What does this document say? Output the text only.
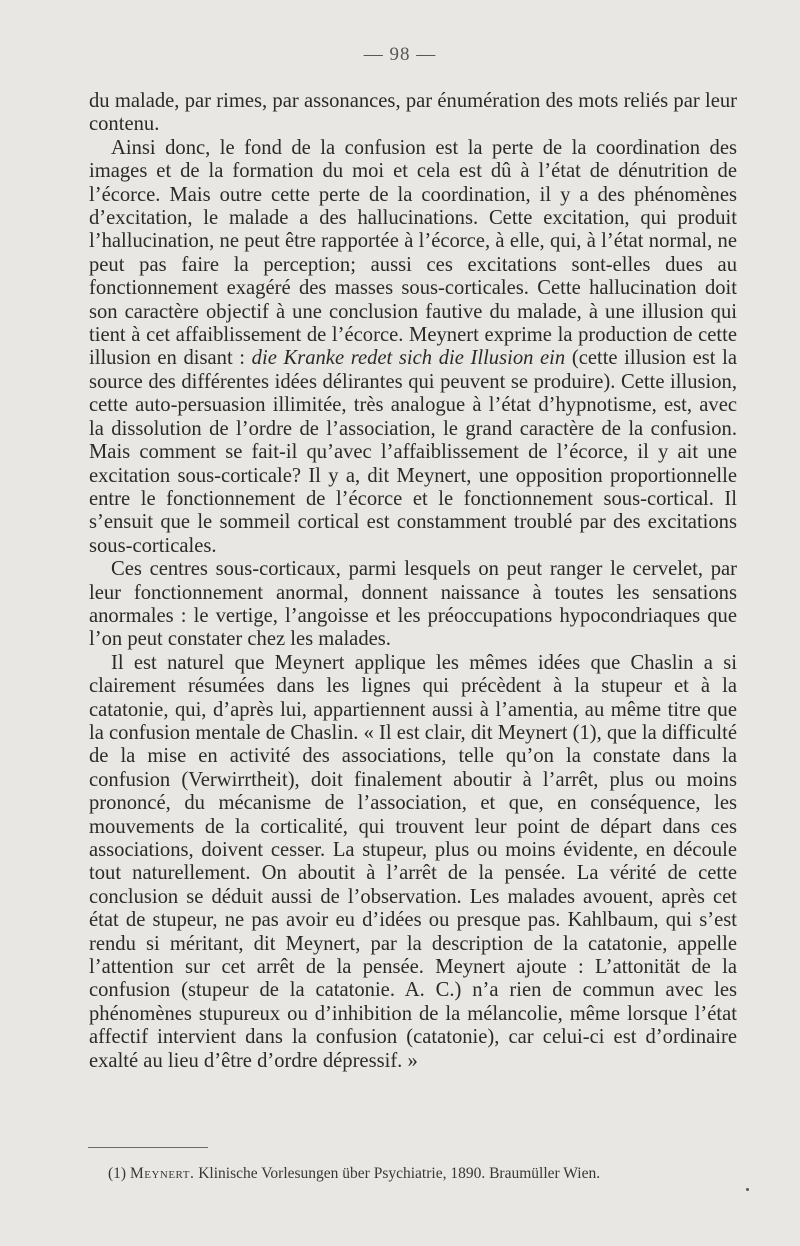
— 98 —

du malade, par rimes, par assonances, par énumération des mots reliés par leur contenu.

Ainsi donc, le fond de la confusion est la perte de la coordination des images et de la formation du moi et cela est dû à l’état de dénutrition de l’écorce. Mais outre cette perte de la coordination, il y a des phénomènes d’excitation, le malade a des hallucinations. Cette excitation, qui produit l’hallucination, ne peut être rapportée à l’écorce, à elle, qui, à l’état normal, ne peut pas faire la perception; aussi ces excitations sont-elles dues au fonctionnement exagéré des masses sous-corticales. Cette hallucination doit son caractère objectif à une conclusion fautive du malade, à une illusion qui tient à cet affaiblissement de l’écorce. Meynert exprime la production de cette illusion en disant : die Kranke redet sich die Illusion ein (cette illusion est la source des différentes idées délirantes qui peuvent se produire). Cette illusion, cette auto-persuasion illimitée, très analogue à l’état d’hypnotisme, est, avec la dissolution de l’ordre de l’association, le grand caractère de la confusion. Mais comment se fait-il qu’avec l’affaiblissement de l’écorce, il y ait une excitation sous-corticale? Il y a, dit Meynert, une opposition proportionnelle entre le fonctionnement de l’écorce et le fonctionnement sous-cortical. Il s’ensuit que le sommeil cortical est constamment troublé par des excitations sous-corticales.

Ces centres sous-corticaux, parmi lesquels on peut ranger le cervelet, par leur fonctionnement anormal, donnent naissance à toutes les sensations anormales : le vertige, l’angoisse et les préoccupations hypocondriaques que l’on peut constater chez les malades.

Il est naturel que Meynert applique les mêmes idées que Chaslin a si clairement résumées dans les lignes qui précèdent à la stupeur et à la catatonie, qui, d’après lui, appartiennent aussi à l’amentia, au même titre que la confusion mentale de Chaslin. « Il est clair, dit Meynert (1), que la difficulté de la mise en activité des associations, telle qu’on la constate dans la confusion (Verwirrtheit), doit finalement aboutir à l’arrêt, plus ou moins prononcé, du mécanisme de l’association, et que, en conséquence, les mouvements de la corticalité, qui trouvent leur point de départ dans ces associations, doivent cesser. La stupeur, plus ou moins évidente, en découle tout naturellement. On aboutit à l’arrêt de la pensée. La vérité de cette conclusion se déduit aussi de l’observation. Les malades avouent, après cet état de stupeur, ne pas avoir eu d’idées ou presque pas. Kahlbaum, qui s’est rendu si méritant, dit Meynert, par la description de la catatonie, appelle l’attention sur cet arrêt de la pensée. Meynert ajoute : L’attonität de la confusion (stupeur de la catatonie. A. C.) n’a rien de commun avec les phénomènes stupureux ou d’inhibition de la mélancolie, même lorsque l’état affectif intervient dans la confusion (catatonie), car celui-ci est d’ordinaire exalté au lieu d’être d’ordre dépressif. »

(1) Meynert. Klinische Vorlesungen über Psychiatrie, 1890. Braumüller Wien.
